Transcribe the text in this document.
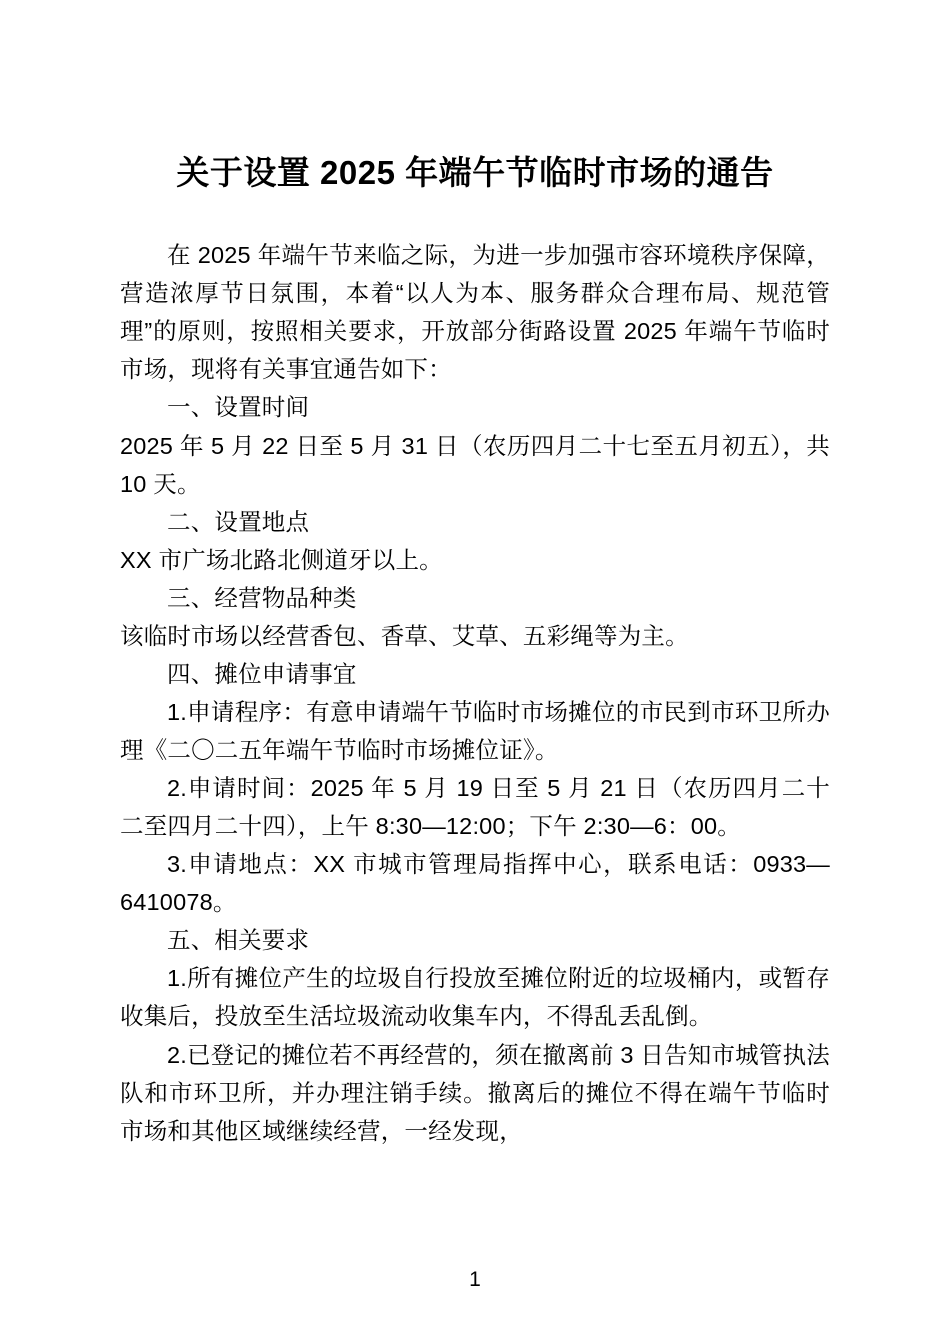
关于设置 2025 年端午节临时市场的通告

在 2025 年端午节来临之际，为进一步加强市容环境秩序保障，营造浓厚节日氛围，本着“以人为本、服务群众合理布局、规范管理”的原则，按照相关要求，开放部分街路设置 2025 年端午节临时市场，现将有关事宜通告如下：

一、设置时间

2025 年 5 月 22 日至 5 月 31 日（农历四月二十七至五月初五），共 10 天。

二、设置地点

XX 市广场北路北侧道牙以上。

三、经营物品种类

该临时市场以经营香包、香草、艾草、五彩绳等为主。

四、摊位申请事宜

1.申请程序：有意申请端午节临时市场摊位的市民到市环卫所办理《二〇二五年端午节临时市场摊位证》。

2.申请时间：2025 年 5 月 19 日至 5 月 21 日（农历四月二十二至四月二十四），上午 8:30—12:00；下午 2:30—6：00。

3.申请地点：XX 市城市管理局指挥中心，联系电话：0933—6410078。

五、相关要求

1.所有摊位产生的垃圾自行投放至摊位附近的垃圾桶内，或暂存收集后，投放至生活垃圾流动收集车内，不得乱丢乱倒。

2.已登记的摊位若不再经营的，须在撤离前 3 日告知市城管执法队和市环卫所，并办理注销手续。撤离后的摊位不得在端午节临时市场和其他区域继续经营，一经发现，

1
